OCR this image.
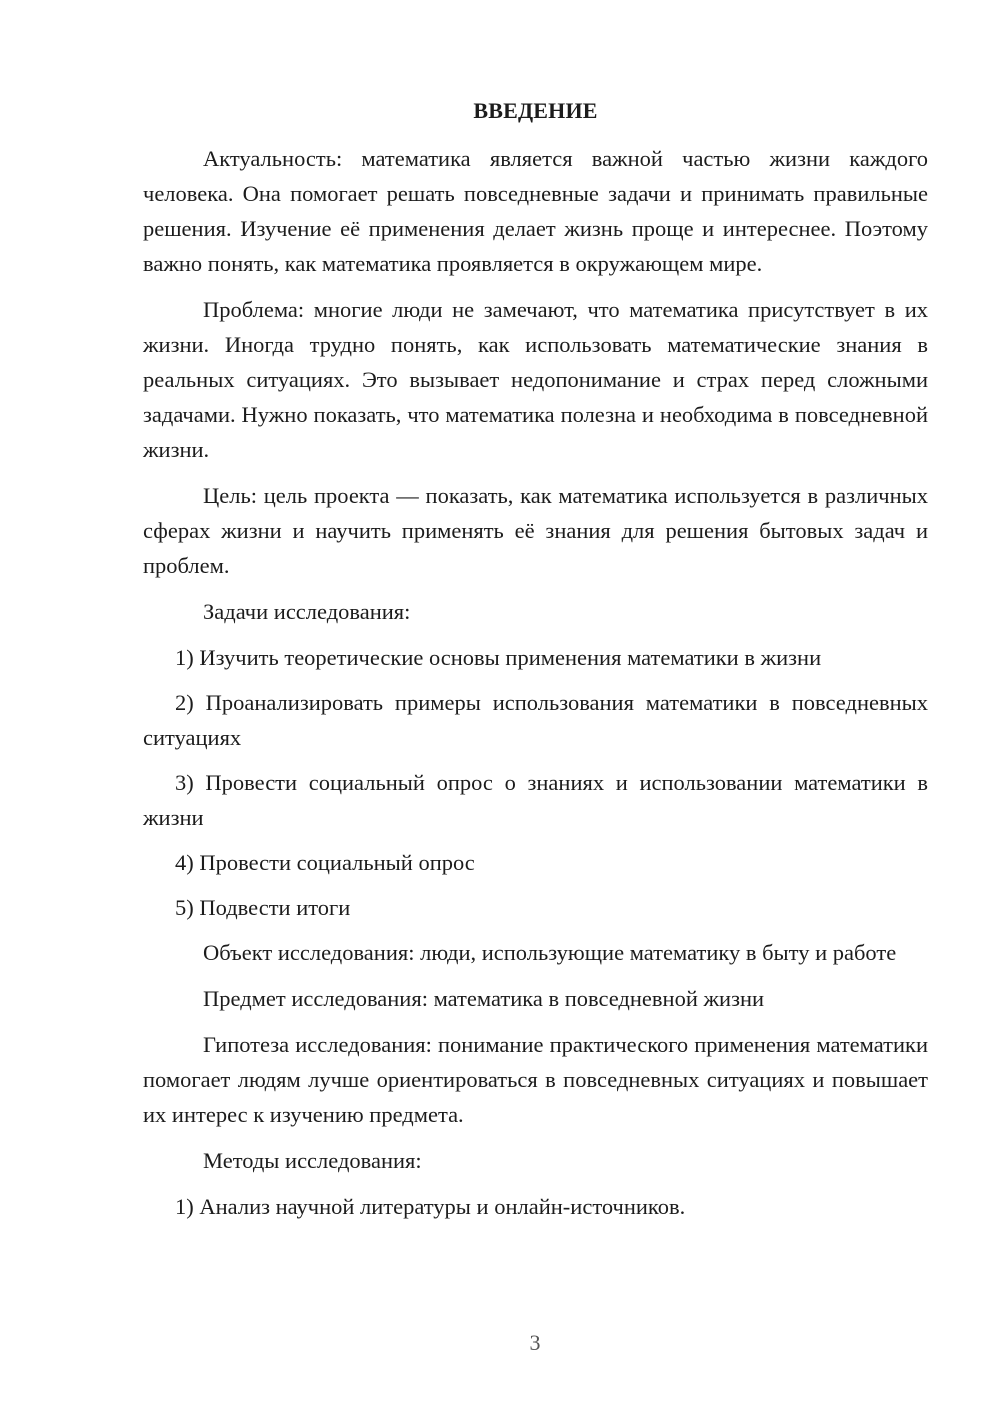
ВВЕДЕНИЕ

Актуальность: математика является важной частью жизни каждого человека. Она помогает решать повседневные задачи и принимать правильные решения. Изучение её применения делает жизнь проще и интереснее. Поэтому важно понять, как математика проявляется в окружающем мире.

Проблема: многие люди не замечают, что математика присутствует в их жизни. Иногда трудно понять, как использовать математические знания в реальных ситуациях. Это вызывает недопонимание и страх перед сложными задачами. Нужно показать, что математика полезна и необходима в повседневной жизни.

Цель: цель проекта — показать, как математика используется в различных сферах жизни и научить применять её знания для решения бытовых задач и проблем.

Задачи исследования:

1) Изучить теоретические основы применения математики в жизни

2) Проанализировать примеры использования математики в повседневных ситуациях

3) Провести социальный опрос о знаниях и использовании математики в жизни

4) Провести социальный опрос

5) Подвести итоги

Объект исследования: люди, использующие математику в быту и работе

Предмет исследования: математика в повседневной жизни

Гипотеза исследования: понимание практического применения математики помогает людям лучше ориентироваться в повседневных ситуациях и повышает их интерес к изучению предмета.

Методы исследования:

1) Анализ научной литературы и онлайн-источников.

3
